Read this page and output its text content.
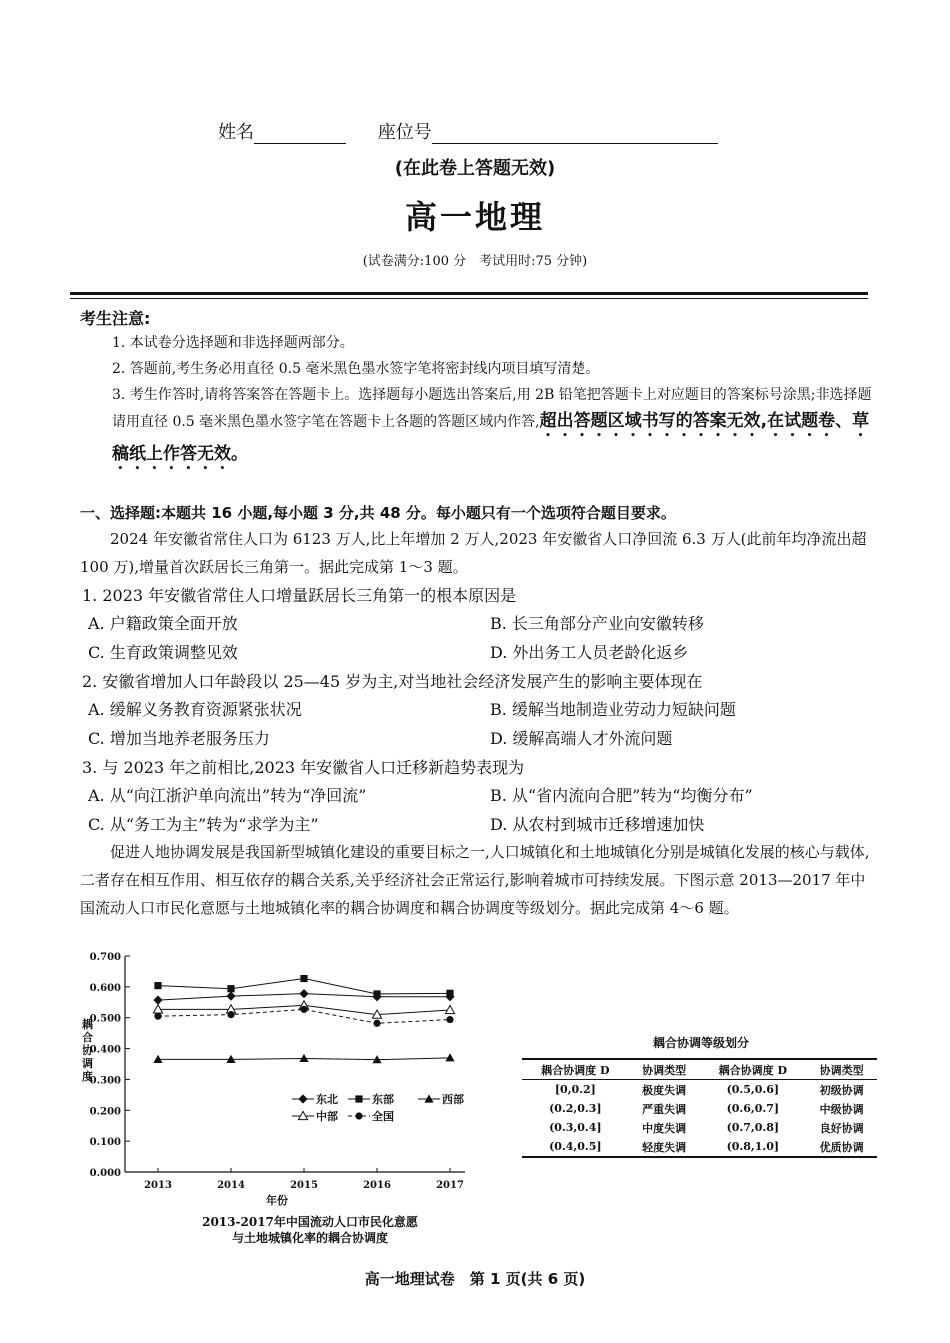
姓名	座位号
(在此卷上答题无效)
高一地理
(试卷满分:100 分　考试用时:75 分钟)
考生注意:
1. 本试卷分选择题和非选择题两部分。
2. 答题前,考生务必用直径 0.5 毫米黑色墨水签字笔将密封线内项目填写清楚。
3. 考生作答时,请将答案答在答题卡上。选择题每小题选出答案后,用 2B 铅笔把答题卡上对应题目的答案标号涂黑;非选择题请用直径 0.5 毫米黑色墨水签字笔在答题卡上各题的答题区域内作答,超出答题区域书写的答案无效,在试题卷、草稿纸上作答无效。
一、选择题:本题共 16 小题,每小题 3 分,共 48 分。每小题只有一个选项符合题目要求。
2024 年安徽省常住人口为 6123 万人,比上年增加 2 万人,2023 年安徽省人口净回流 6.3 万人(此前年均净流出超 100 万),增量首次跃居长三角第一。据此完成第 1～3 题。
1. 2023 年安徽省常住人口增量跃居长三角第一的根本原因是
A. 户籍政策全面开放	B. 长三角部分产业向安徽转移
C. 生育政策调整见效	D. 外出务工人员老龄化返乡
2. 安徽省增加人口年龄段以 25—45 岁为主,对当地社会经济发展产生的影响主要体现在
A. 缓解义务教育资源紧张状况	B. 缓解当地制造业劳动力短缺问题
C. 增加当地养老服务压力	D. 缓解高端人才外流问题
3. 与 2023 年之前相比,2023 年安徽省人口迁移新趋势表现为
A. 从“向江浙沪单向流出”转为“净回流”	B. 从“省内流向合肥”转为“均衡分布”
C. 从“务工为主”转为“求学为主”	D. 从农村到城市迁移增速加快
促进人地协调发展是我国新型城镇化建设的重要目标之一,人口城镇化和土地城镇化分别是城镇化发展的核心与载体,二者存在相互作用、相互依存的耦合关系,关乎经济社会正常运行,影响着城市可持续发展。下图示意 2013—2017 年中国流动人口市民化意愿与土地城镇化率的耦合协调度和耦合协调度等级划分。据此完成第 4～6 题。
0.000
0.100
0.200
0.300
0.400
0.500
0.600
0.700
2013	2014	2015	2016	2017
年份
耦合协调度
东北	东部	西部
中部	全国
2013-2017年中国流动人口市民化意愿
与土地城镇化率的耦合协调度
耦合协调等级划分
耦合协调度 D	协调类型	耦合协调度 D	协调类型
[0,0.2]	极度失调	(0.5,0.6]	初级协调
(0.2,0.3]	严重失调	(0.6,0.7]	中级协调
(0.3,0.4]	中度失调	(0.7,0.8]	良好协调
(0.4,0.5]	轻度失调	(0.8,1.0]	优质协调
高一地理试卷　第 1 页(共 6 页)
